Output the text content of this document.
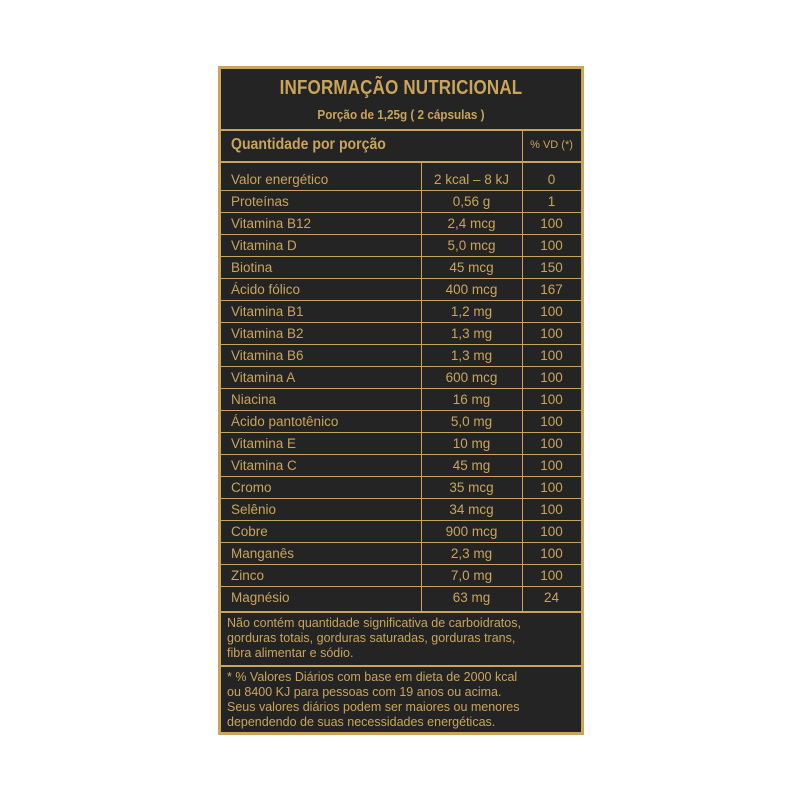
INFORMAÇÃO NUTRICIONAL
Porção de 1,25g ( 2 cápsulas )
Quantidade por porção	% VD (*)
Valor energético	2 kcal – 8 kJ	0
Proteínas	0,56 g	1
Vitamina B12	2,4 mcg	100
Vitamina D	5,0 mcg	100
Biotina	45 mcg	150
Ácido fólico	400 mcg	167
Vitamina B1	1,2 mg	100
Vitamina B2	1,3 mg	100
Vitamina B6	1,3 mg	100
Vitamina A	600 mcg	100
Niacina	16 mg	100
Ácido pantotênico	5,0 mg	100
Vitamina E	10 mg	100
Vitamina C	45 mg	100
Cromo	35 mcg	100
Selênio	34 mcg	100
Cobre	900 mcg	100
Manganês	2,3 mg	100
Zinco	7,0 mg	100
Magnésio	63 mg	24
Não contém quantidade significativa de carboidratos,
gorduras totais, gorduras saturadas, gorduras trans,
fibra alimentar e sódio.
* % Valores Diários com base em dieta de 2000 kcal
ou 8400 KJ para pessoas com 19 anos ou acima.
Seus valores diários podem ser maiores ou menores
dependendo de suas necessidades energéticas.
